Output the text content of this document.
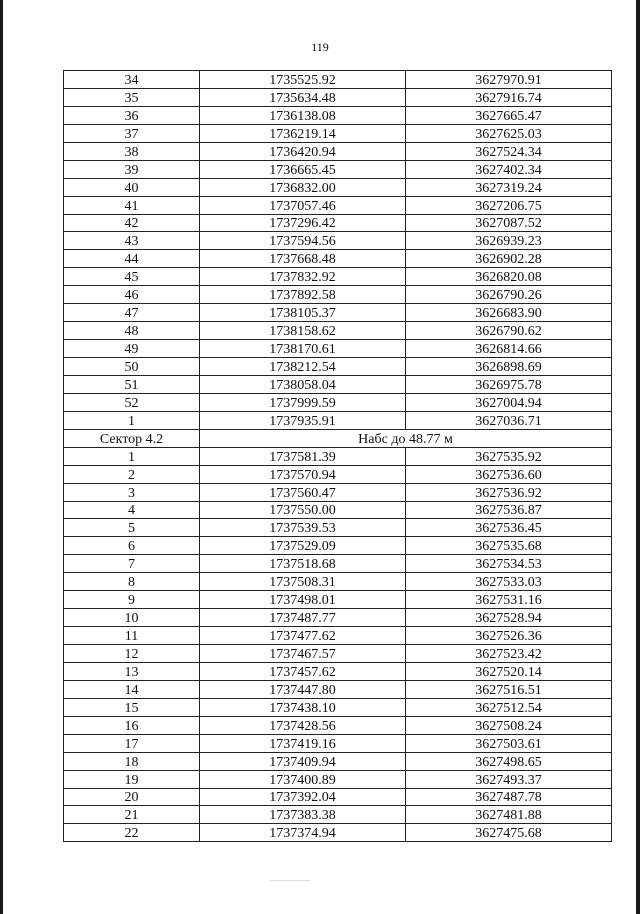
119
34	1735525.92	3627970.91
35	1735634.48	3627916.74
36	1736138.08	3627665.47
37	1736219.14	3627625.03
38	1736420.94	3627524.34
39	1736665.45	3627402.34
40	1736832.00	3627319.24
41	1737057.46	3627206.75
42	1737296.42	3627087.52
43	1737594.56	3626939.23
44	1737668.48	3626902.28
45	1737832.92	3626820.08
46	1737892.58	3626790.26
47	1738105.37	3626683.90
48	1738158.62	3626790.62
49	1738170.61	3626814.66
50	1738212.54	3626898.69
51	1738058.04	3626975.78
52	1737999.59	3627004.94
1	1737935.91	3627036.71
Сектор 4.2	Набс до 48.77 м	
1	1737581.39	3627535.92
2	1737570.94	3627536.60
3	1737560.47	3627536.92
4	1737550.00	3627536.87
5	1737539.53	3627536.45
6	1737529.09	3627535.68
7	1737518.68	3627534.53
8	1737508.31	3627533.03
9	1737498.01	3627531.16
10	1737487.77	3627528.94
11	1737477.62	3627526.36
12	1737467.57	3627523.42
13	1737457.62	3627520.14
14	1737447.80	3627516.51
15	1737438.10	3627512.54
16	1737428.56	3627508.24
17	1737419.16	3627503.61
18	1737409.94	3627498.65
19	1737400.89	3627493.37
20	1737392.04	3627487.78
21	1737383.38	3627481.88
22	1737374.94	3627475.68
